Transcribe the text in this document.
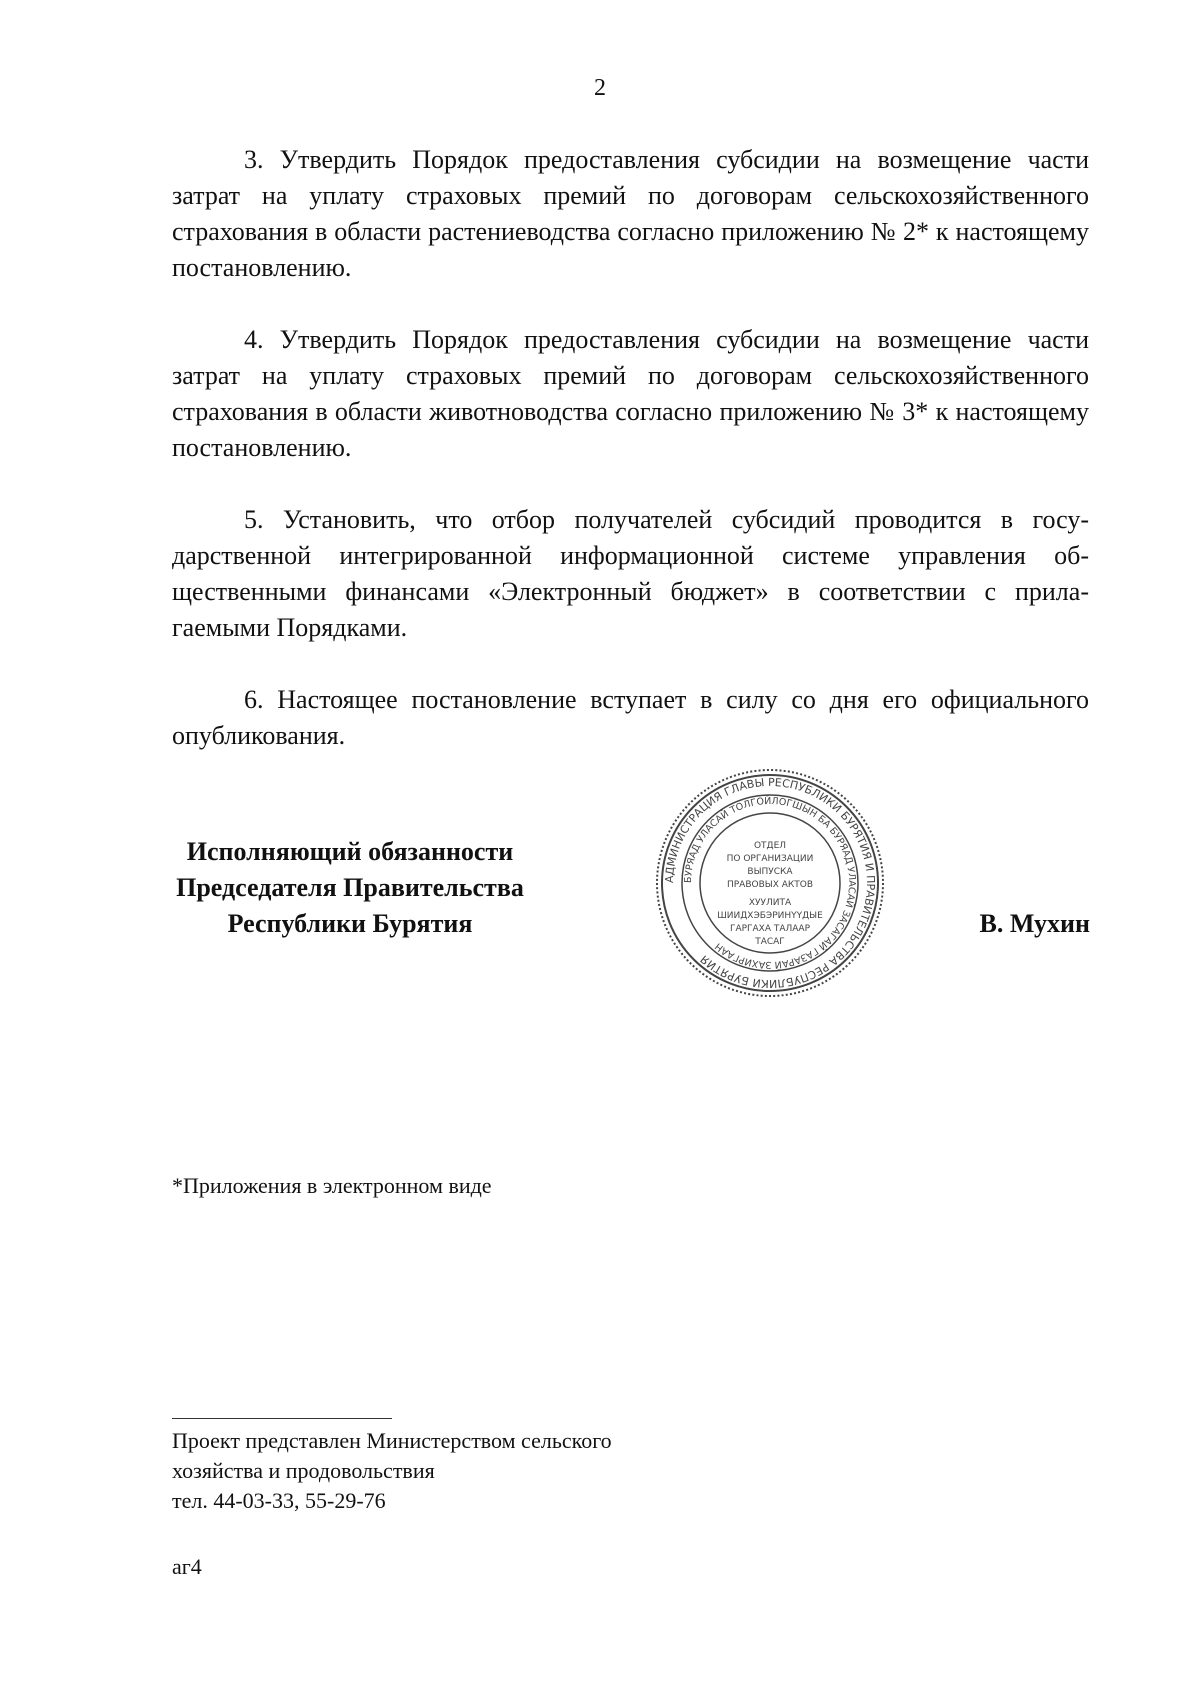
2

3. Утвердить Порядок предоставления субсидии на возмещение части затрат на уплату страховых премий по договорам сельскохозяйственного страхования в области растениеводства согласно приложению № 2* к настоящему постановлению.

4. Утвердить Порядок предоставления субсидии на возмещение части затрат на уплату страховых премий по договорам сельскохозяйственного страхования в области животноводства согласно приложению № 3* к настоящему постановлению.

5. Установить, что отбор получателей субсидий проводится в государственной интегрированной информационной системе управления общественными финансами «Электронный бюджет» в соответствии с прилагаемыми Порядками.

6. Настоящее постановление вступает в силу со дня его официального опубликования.

Исполняющий обязанности
Председателя Правительства
Республики Бурятия
АДМИНИСТРАЦИЯ ГЛАВЫ РЕСПУБЛИКИ БУРЯТИЯ И ПРАВИТЕЛЬСТВА РЕСПУБЛИКИ БУРЯТИЯ
БУРЯАД УЛАСАЙ ТОЛГОЙЛОГШЫН БА БУРЯАД УЛАСАЙ ЗАСАГАЙ ГАЗАРАЙ ЗАХИРГААН
ОТДЕЛ
ПО ОРГАНИЗАЦИИ
ВЫПУСКА
ПРАВОВЫХ АКТОВ
ХУУЛИТА
ШИИДХЭБЭРИНYYДЫЕ
ГАРГАХА ТАЛААР
ТАСАГ
В. Мухин
*Приложения в электронном виде
Проект представлен Министерством сельского
хозяйства и продовольствия
тел. 44-03-33, 55-29-76
аг4
